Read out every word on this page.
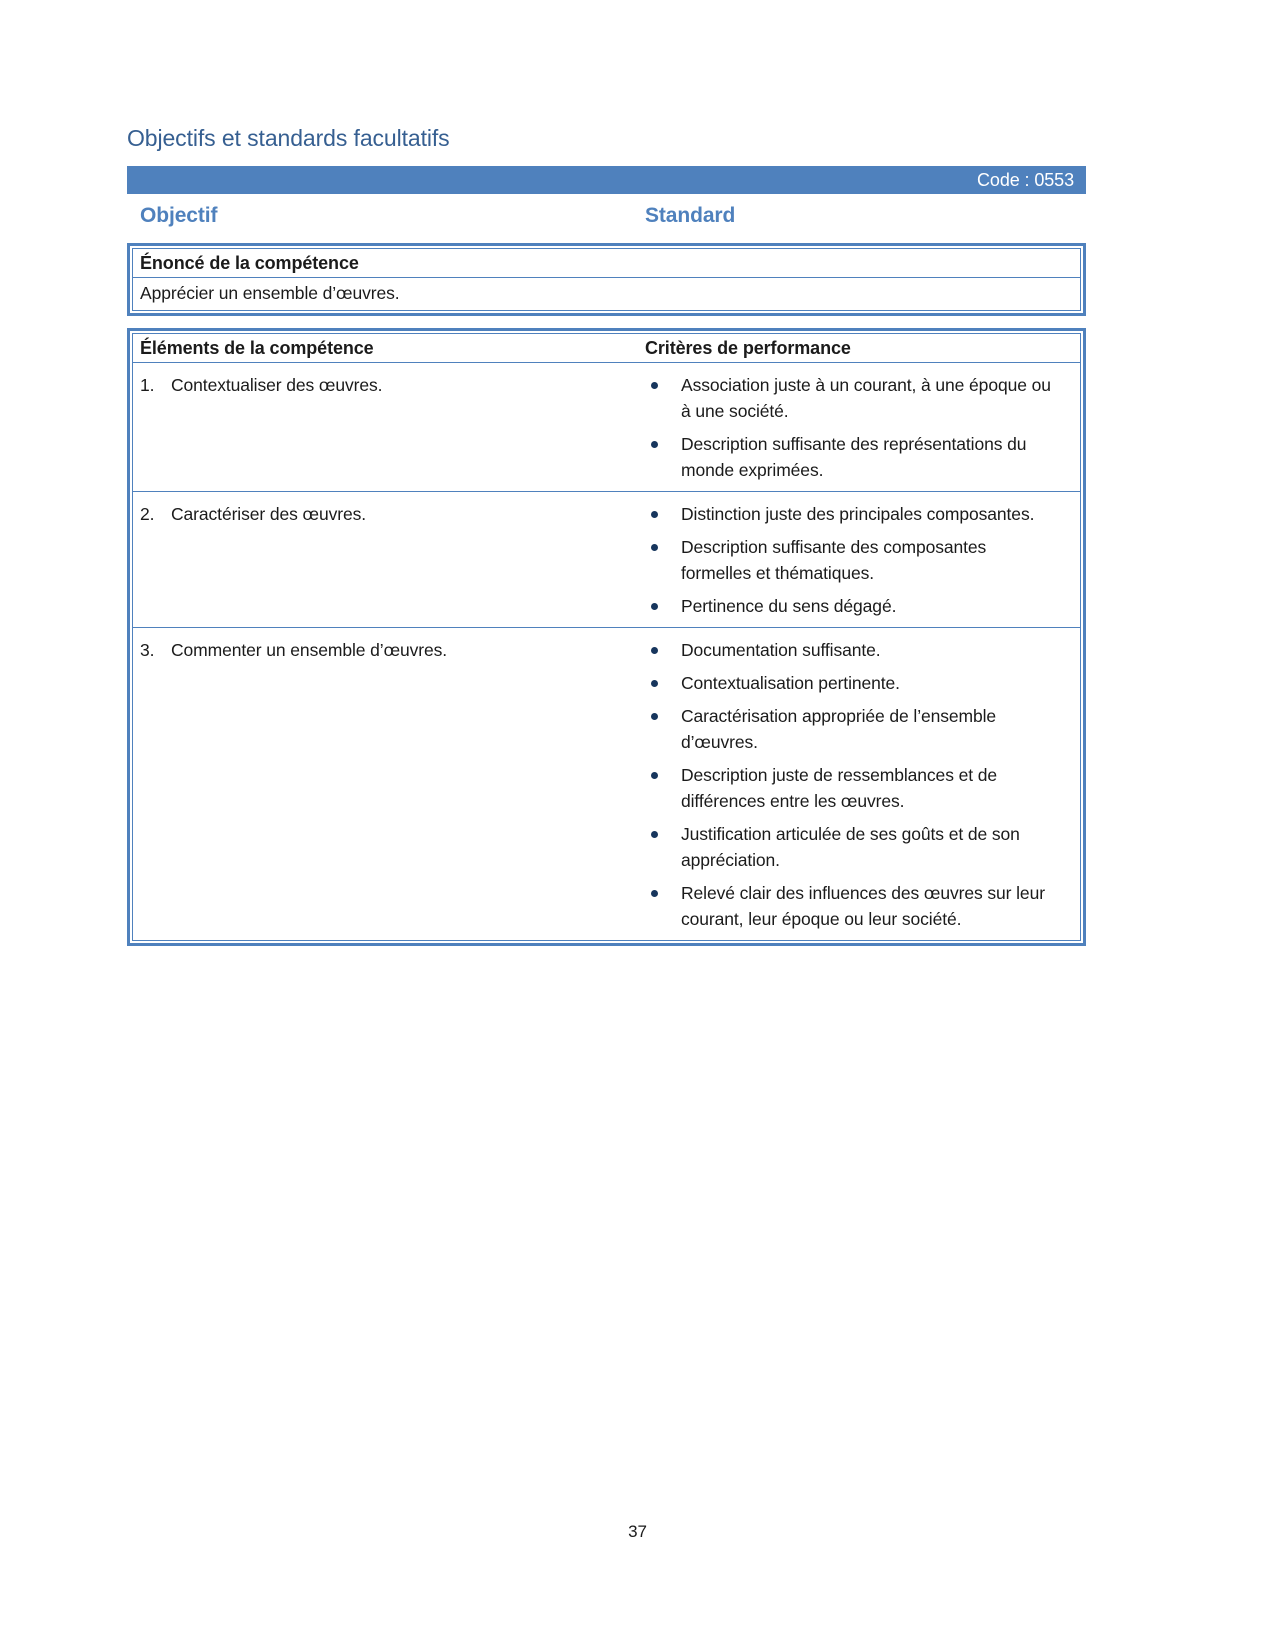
Objectifs et standards facultatifs
Code : 0553
Objectif	Standard
Énoncé de la compétence
Apprécier un ensemble d’œuvres.
Éléments de la compétence	Critères de performance
1. Contextualiser des œuvres.	Association juste à un courant, à une époque ou à une société.
Description suffisante des représentations du monde exprimées.
2. Caractériser des œuvres.	Distinction juste des principales composantes.
Description suffisante des composantes formelles et thématiques.
Pertinence du sens dégagé.
3. Commenter un ensemble d’œuvres.	Documentation suffisante.
Contextualisation pertinente.
Caractérisation appropriée de l’ensemble d’œuvres.
Description juste de ressemblances et de différences entre les œuvres.
Justification articulée de ses goûts et de son appréciation.
Relevé clair des influences des œuvres sur leur courant, leur époque ou leur société.
37
